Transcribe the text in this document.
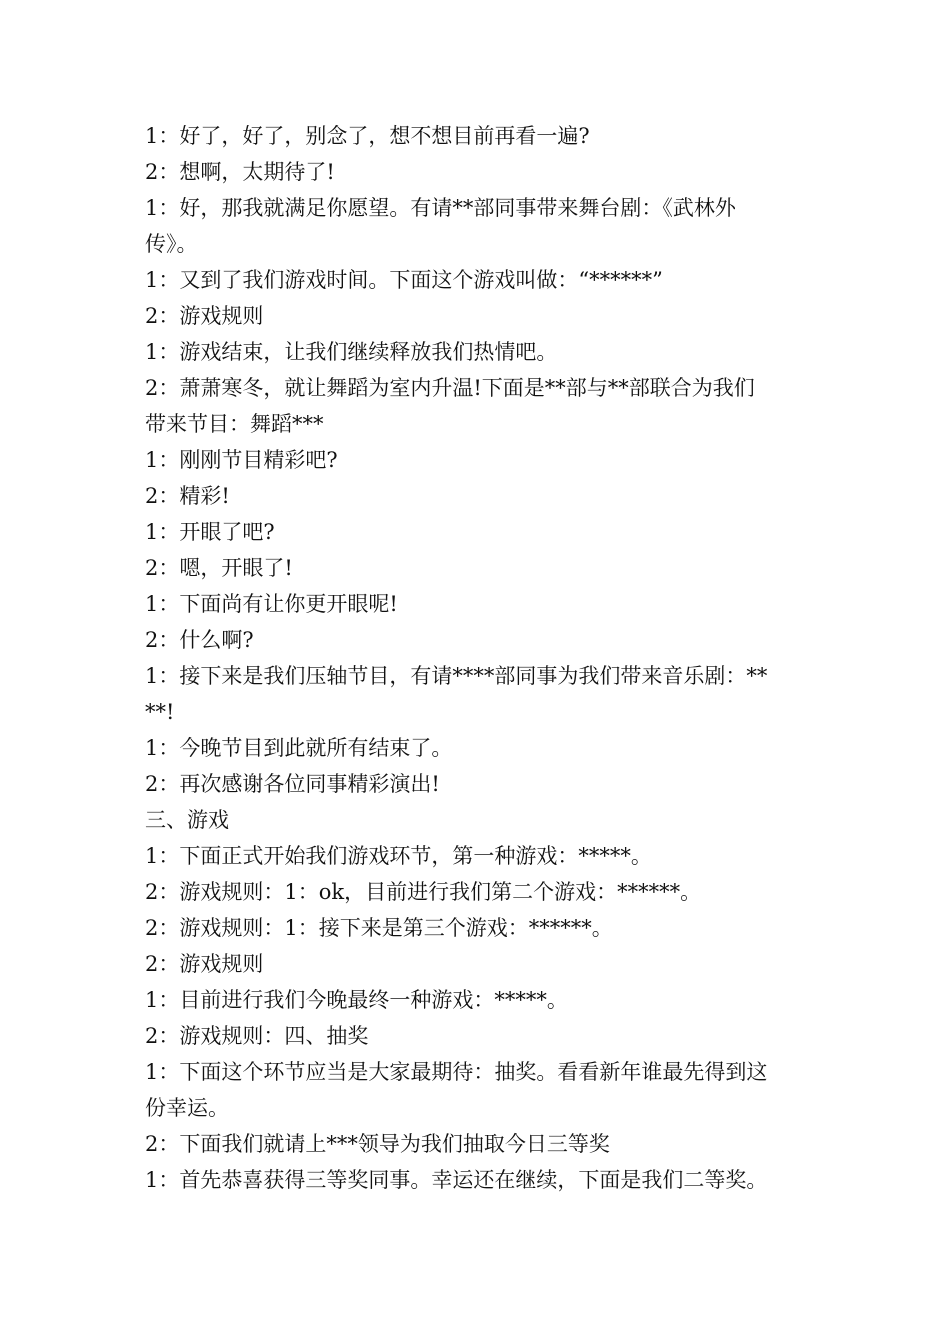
1：好了，好了，别念了，想不想目前再看一遍?

2：想啊，太期待了!

1：好，那我就满足你愿望。有请**部同事带来舞台剧：《武林外

传》。

1：又到了我们游戏时间。下面这个游戏叫做：“******”

2：游戏规则

1：游戏结束，让我们继续释放我们热情吧。

2：萧萧寒冬，就让舞蹈为室内升温!下面是**部与**部联合为我们

带来节目：舞蹈***

1：刚刚节目精彩吧?

2：精彩!

1：开眼了吧?

2：嗯，开眼了!

1：下面尚有让你更开眼呢!

2：什么啊?

1：接下来是我们压轴节目，有请****部同事为我们带来音乐剧：**

**!

1：今晚节目到此就所有结束了。

2：再次感谢各位同事精彩演出!

三、游戏

1：下面正式开始我们游戏环节，第一种游戏：*****。

2：游戏规则：1：ok，目前进行我们第二个游戏：******。

2：游戏规则：1：接下来是第三个游戏：******。

2：游戏规则

1：目前进行我们今晚最终一种游戏：*****。

2：游戏规则：四、抽奖

1：下面这个环节应当是大家最期待：抽奖。看看新年谁最先得到这

份幸运。

2：下面我们就请上***领导为我们抽取今日三等奖

1：首先恭喜获得三等奖同事。幸运还在继续，下面是我们二等奖。
